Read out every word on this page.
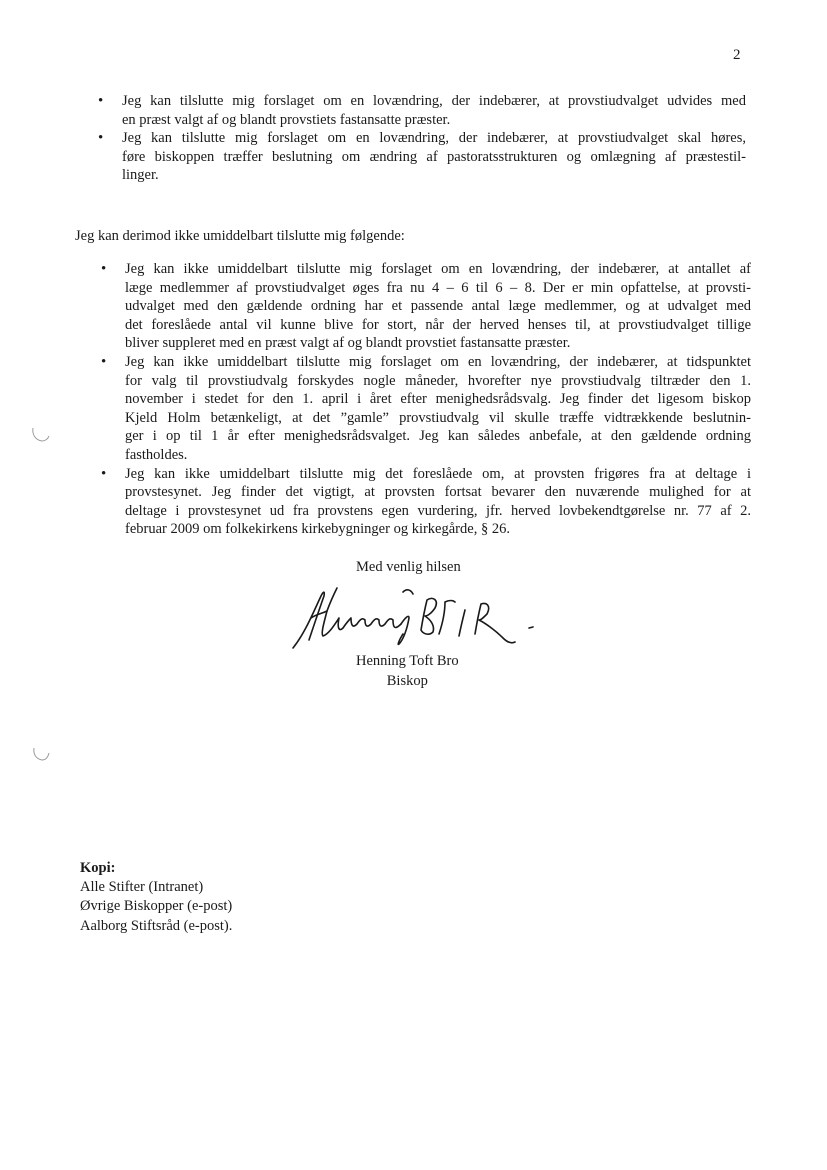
2
• Jeg kan tilslutte mig forslaget om en lovændring, der indebærer, at provstiudvalget udvides med
en præst valgt af og blandt provstiets fastansatte præster.
• Jeg kan tilslutte mig forslaget om en lovændring, der indebærer, at provstiudvalget skal høres,
føre biskoppen træffer beslutning om ændring af pastoratsstrukturen og omlægning af præstestil-
linger.
Jeg kan derimod ikke umiddelbart tilslutte mig følgende:
• Jeg kan ikke umiddelbart tilslutte mig forslaget om en lovændring, der indebærer, at antallet af
læge medlemmer af provstiudvalget øges fra nu 4 – 6 til 6 – 8. Der er min opfattelse, at provsti-
udvalget med den gældende ordning har et passende antal læge medlemmer, og at udvalget med
det foreslåede antal vil kunne blive for stort, når der herved henses til, at provstiudvalget tillige
bliver suppleret med en præst valgt af og blandt provstiet fastansatte præster.
• Jeg kan ikke umiddelbart tilslutte mig forslaget om en lovændring, der indebærer, at tidspunktet
for valg til provstiudvalg forskydes nogle måneder, hvorefter nye provstiudvalg tiltræder den 1.
november i stedet for den 1. april i året efter menighedsrådsvalg. Jeg finder det ligesom biskop
Kjeld Holm betænkeligt, at det ”gamle” provstiudvalg vil skulle træffe vidtrækkende beslutnin-
ger i op til 1 år efter menighedsrådsvalget. Jeg kan således anbefale, at den gældende ordning
fastholdes.
• Jeg kan ikke umiddelbart tilslutte mig det foreslåede om, at provsten frigøres fra at deltage i
provstesynet. Jeg finder det vigtigt, at provsten fortsat bevarer den nuværende mulighed for at
deltage i provstesynet ud fra provstens egen vurdering, jfr. herved lovbekendtgørelse nr. 77 af 2.
februar 2009 om folkekirkens kirkebygninger og kirkegårde, § 26.
Med venlig hilsen
Henning Toft Bro
Biskop
Kopi:
Alle Stifter (Intranet)
Øvrige Biskopper (e-post)
Aalborg Stiftsråd (e-post).
